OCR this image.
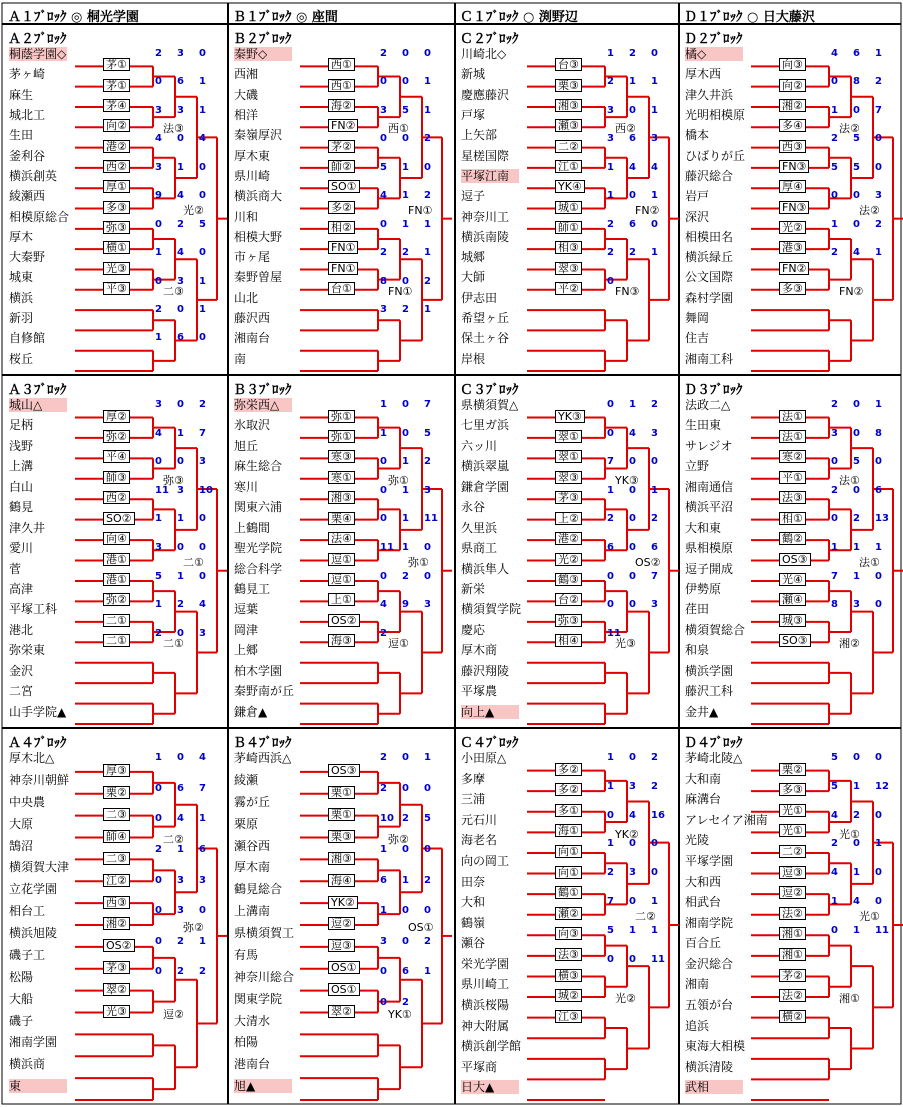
Ａ１ﾌﾞﾛｯｸ ◎ 桐光学園	Ｂ１ﾌﾞﾛｯｸ ◎ 座間	Ｃ１ﾌﾞﾛｯｸ ○ 渕野辺	Ｄ１ﾌﾞﾛｯｸ ○ 日大藤沢
Ａ２ﾌﾞﾛｯｸ
桐蔭学園◇
茅ヶ崎
麻生
城北工
生田
釜利谷
横浜創英
綾瀬西
相模原総合
厚木
大秦野
城東
横浜
新羽
自修館
桜丘
茅①
茅①
茅④
向②
港②
西②
厚①
多③
弥③
横①
光③
平③
法③
二③
光②
2 3 0
0 6 1
3 3 1
4 0 4
3 1 0
9 4 0
0 2 5
1 4 0
0 3 1
2 0 1
1 6 0
Ｂ２ﾌﾞﾛｯｸ
秦野◇
西湘
大磯
相洋
秦嶺厚沢
厚木東
県川崎
横浜商大
川和
相模大野
市ヶ尾
秦野曽屋
山北
藤沢西
湘南台
南
西①
西①
海②
FN②
茅②
師②
SO①
多②
相②
FN①
FN①
台①
西①
FN①
FN①
2 0 0
0 0 1
3 5 1
0 0 2
5 1 0
4 1 2
0 1 1
2 2 1
8 0 2
3 2 1
Ｃ２ﾌﾞﾛｯｸ
川崎北◇
新城
慶應藤沢
戸塚
上矢部
星槎国際
平塚江南
逗子
神奈川工
横浜南陵
城郷
大師
伊志田
希望ヶ丘
保土ヶ谷
岸根
台③
栗③
湘③
瀬③
二②
江①
YK④
城①
師①
相③
翠③
平②
西②
FN③
FN②
1 2 0
2 1 1
3 0 1
3 6 3
1 4 4
1 0 1
2 6 0
2 2 1
0
Ｄ２ﾌﾞﾛｯｸ
橘◇
厚木西
津久井浜
光明相模原
橋本
ひばりが丘
藤沢総合
岩戸
深沢
相模田名
横浜緑丘
公文国際
森村学園
舞岡
住吉
湘南工科
向③
向②
湘②
多④
西③
FN③
厚④
FN③
光②
港③
FN②
多③
法②
FN②
法②
4 6 1
0 8 2
1 0 7
2 5 0
5 5 0
0 0 3
1 0 2
2 4 1
Ａ３ﾌﾞﾛｯｸ
城山△
足柄
浅野
上溝
白山
鶴見
津久井
愛川
菅
高津
平塚工科
港北
弥栄東
金沢
二宮
山手学院▲
厚②
弥②
平④
師③
西②
SO②
向④
港①
港①
弥②
二①
二①
弥③
二①
二①
3 0 2
4 1 7
0 0 3
11 3 10
1 1 0
3 0 0
5 1 0
1 2 4
2 0 3
Ｂ３ﾌﾞﾛｯｸ
弥栄西△
氷取沢
旭丘
麻生総合
寒川
関東六浦
上鶴間
聖光学院
総合科学
鶴見工
逗葉
岡津
上郷
柏木学園
秦野南が丘
鎌倉▲
弥①
弥①
寒③
寒①
湘③
栗④
法④
逗①
逗①
上①
OS②
海③
弥①
逗①
弥①
1 0 7
1 0 5
0 1 2
0 1 3
0 1 11
11 1 0
0 2 0
4 9 3
2
Ｃ３ﾌﾞﾛｯｸ
県横須賀△
七里ガ浜
六ッ川
横浜翠嵐
鎌倉学園
永谷
久里浜
県商工
横浜隼人
新栄
横須賀学院
慶応
厚木商
藤沢翔陵
平塚農
向上▲
YK③
翠①
翠①
翠③
茅③
上②
港②
光②
鶴③
台②
弥③
相④
YK③
光③
OS②
0 1 2
0 4 3
7 0 0
1 0 1
2 0 2
6 0 6
0 0 7
0 0 3
11
Ｄ３ﾌﾞﾛｯｸ
法政二△
生田東
サレジオ
立野
湘南通信
横浜平沼
大和東
県相模原
逗子開成
伊勢原
荏田
横須賀総合
和泉
横浜学園
藤沢工科
金井▲
法①
法①
寒②
平①
法③
相①
鶴②
OS③
光④
瀬④
城③
SO③
法①
湘②
法①
2 0 1
3 0 8
0 5 0
2 0 6
0 2 13
1 1 1
7 1 0
8 3 0
Ａ４ﾌﾞﾛｯｸ
厚木北△
神奈川朝鮮
中央農
大原
鵠沼
横須賀大津
立花学園
相台工
横浜旭陵
磯子工
松陽
大船
磯子
湘南学園
横浜商
東
厚③
栗②
二③
師④
二③
江②
西③
湘②
OS②
茅③
翠②
光③
二②
逗②
弥②
1 0 4
0 6 7
0 4 1
2 1 6
0 3 3
0 3 0
0 2 1
0 2 2
Ｂ４ﾌﾞﾛｯｸ
茅崎西浜△
綾瀬
霧が丘
栗原
瀬谷西
厚木南
鶴見総合
上溝南
県横須賀工
有馬
神奈川総合
関東学院
大清水
柏陽
港南台
旭▲
OS③
栗①
栗①
栗③
湘③
海④
YK②
逗②
逗③
OS①
OS①
翠②
弥②
YK①
OS①
2 0 1
2 0 0
10 2 5
1 0 0
6 1 2
1 0 0
3 0 2
0 6 1
0 2
Ｃ４ﾌﾞﾛｯｸ
小田原△
多摩
三浦
元石川
海老名
向の岡工
田奈
大和
鶴嶺
瀬谷
栄光学園
県川崎工
横浜桜陽
神大附属
横浜創学館
平塚商
日大▲
多②
多②
多①
海①
向①
向①
鶴①
瀬②
向③
法③
横③
城②
江③
YK②
光②
二②
1 0 2
1 3 2
0 4 16
1 0 0
2 3 0
7 0 1
5 1 1
0 0 11
Ｄ４ﾌﾞﾛｯｸ
茅崎北陵△
大和南
麻溝台
アレセイア湘南
光陵
平塚学園
大和西
相武台
湘南学院
百合丘
金沢総合
湘南
五領が台
追浜
東海大相模
横浜清陵
武相
栗②
多③
光①
光①
二②
逗③
逗②
法②
湘①
湘①
茅②
法②
横②
光①
湘①
光①
5 0 0
5 1 12
4 2 0
2 0 1
4 1 0
1 4 0
0 1 11
